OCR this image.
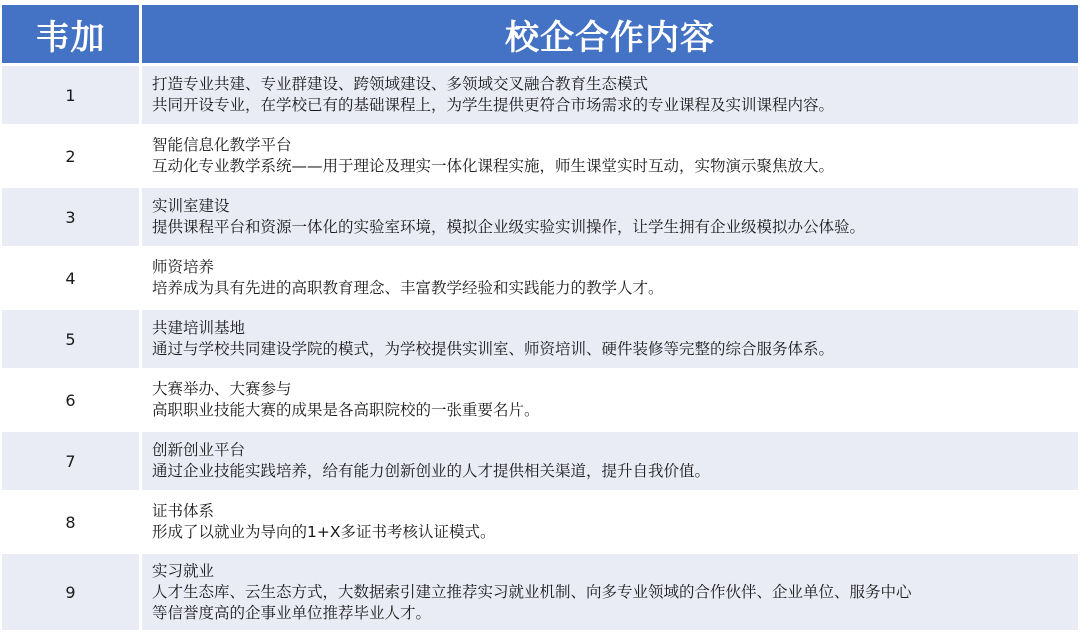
韦加	校企合作内容
1	打造专业共建、专业群建设、跨领域建设、多领域交叉融合教育生态模式
共同开设专业，在学校已有的基础课程上，为学生提供更符合市场需求的专业课程及实训课程内容。

2	智能信息化教学平台
互动化专业教学系统——用于理论及理实一体化课程实施，师生课堂实时互动，实物演示聚焦放大。

3	实训室建设
提供课程平台和资源一体化的实验室环境，模拟企业级实验实训操作，让学生拥有企业级模拟办公体验。

4	师资培养
培养成为具有先进的高职教育理念、丰富教学经验和实践能力的教学人才。

5	共建培训基地
通过与学校共同建设学院的模式，为学校提供实训室、师资培训、硬件装修等完整的综合服务体系。

6	大赛举办、大赛参与
高职职业技能大赛的成果是各高职院校的一张重要名片。

7	创新创业平台
通过企业技能实践培养，给有能力创新创业的人才提供相关渠道，提升自我价值。

8	证书体系
形成了以就业为导向的1+X多证书考核认证模式。

9	实习就业
人才生态库、云生态方式，大数据索引建立推荐实习就业机制、向多专业领域的合作伙伴、企业单位、服务中心
等信誉度高的企事业单位推荐毕业人才。
